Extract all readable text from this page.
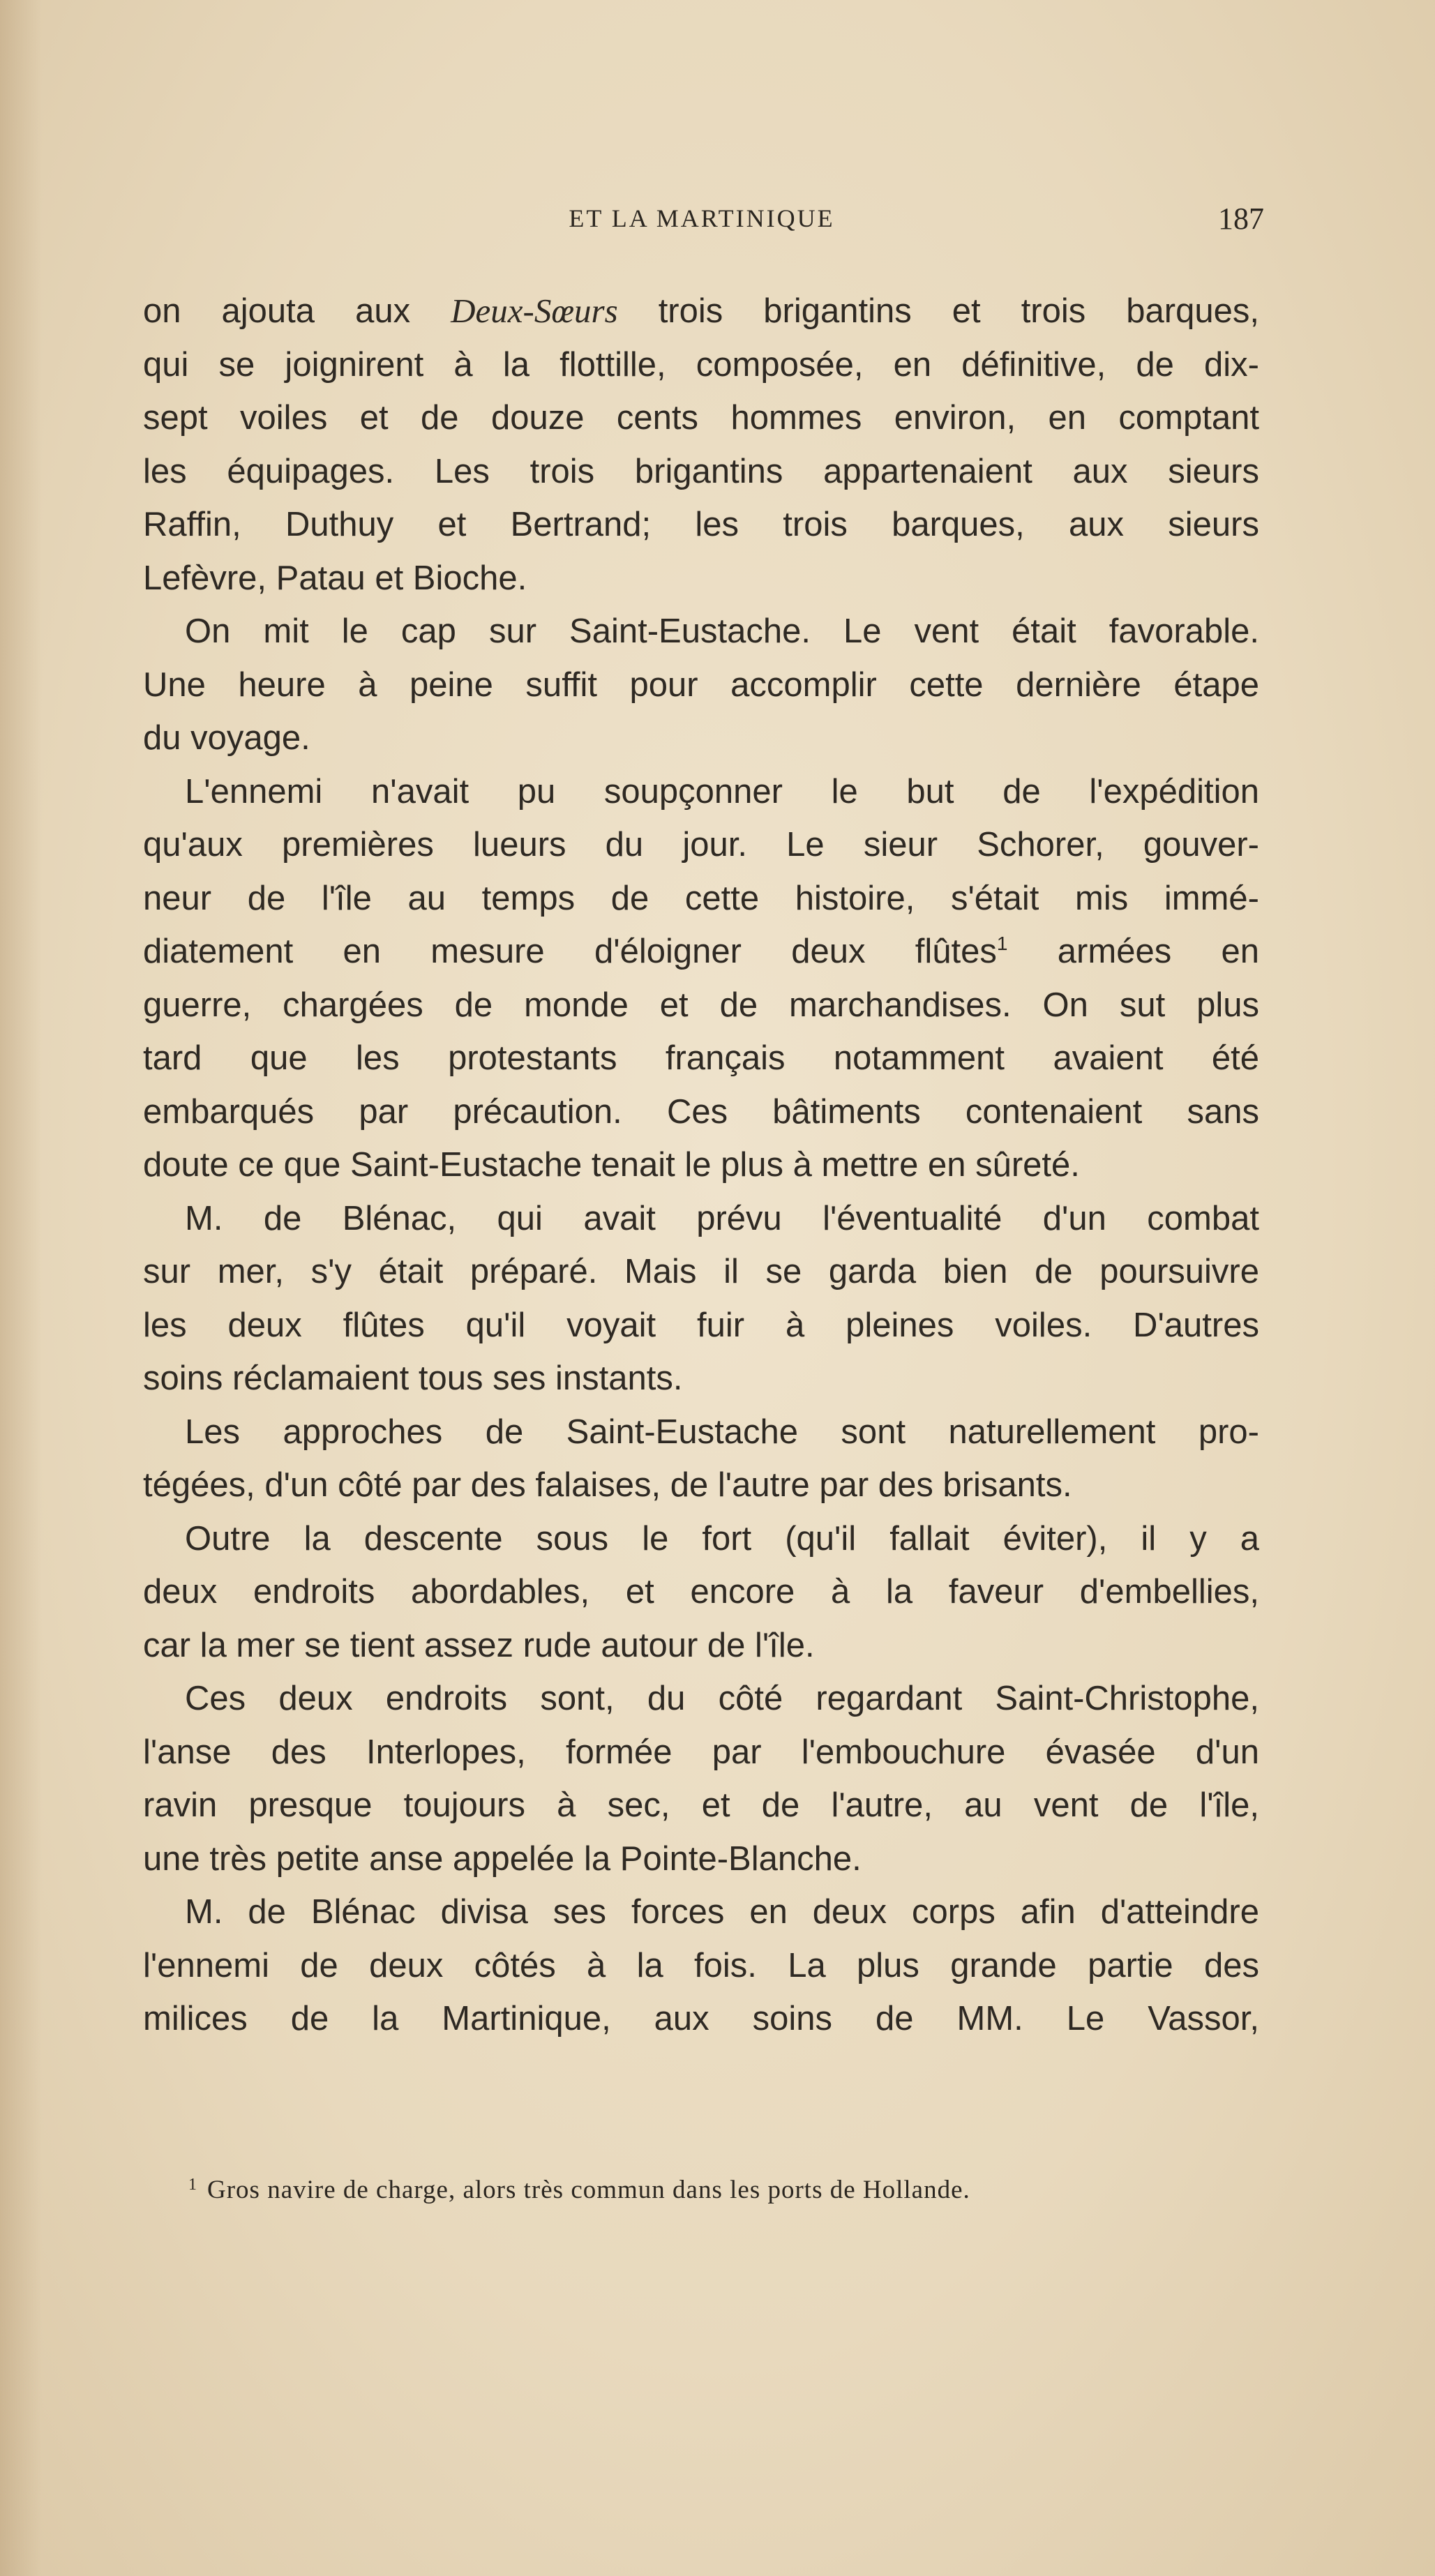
ET LA MARTINIQUE	187
on ajouta aux Deux-Sœurs trois brigantins et trois barques,
qui se joignirent à la flottille, composée, en définitive, de dix-
sept voiles et de douze cents hommes environ, en comptant
les équipages. Les trois brigantins appartenaient aux sieurs
Raffin, Duthuy et Bertrand; les trois barques, aux sieurs
Lefèvre, Patau et Bioche.
On mit le cap sur Saint-Eustache. Le vent était favorable.
Une heure à peine suffit pour accomplir cette dernière étape
du voyage.
L'ennemi n'avait pu soupçonner le but de l'expédition
qu'aux premières lueurs du jour. Le sieur Schorer, gouver-
neur de l'île au temps de cette histoire, s'était mis immé-
diatement en mesure d'éloigner deux flûtes$^1$ armées en
guerre, chargées de monde et de marchandises. On sut plus
tard que les protestants français notamment avaient été
embarqués par précaution. Ces bâtiments contenaient sans
doute ce que Saint-Eustache tenait le plus à mettre en sûreté.
M. de Blénac, qui avait prévu l'éventualité d'un combat
sur mer, s'y était préparé. Mais il se garda bien de poursuivre
les deux flûtes qu'il voyait fuir à pleines voiles. D'autres
soins réclamaient tous ses instants.
Les approches de Saint-Eustache sont naturellement pro-
tégées, d'un côté par des falaises, de l'autre par des brisants.
Outre la descente sous le fort (qu'il fallait éviter), il y a
deux endroits abordables, et encore à la faveur d'embellies,
car la mer se tient assez rude autour de l'île.
Ces deux endroits sont, du côté regardant Saint-Christophe,
l'anse des Interlopes, formée par l'embouchure évasée d'un
ravin presque toujours à sec, et de l'autre, au vent de l'île,
une très petite anse appelée la Pointe-Blanche.
M. de Blénac divisa ses forces en deux corps afin d'atteindre
l'ennemi de deux côtés à la fois. La plus grande partie des
milices de la Martinique, aux soins de MM. Le Vassor,
$^1$ Gros navire de charge, alors très commun dans les ports de Hollande.
